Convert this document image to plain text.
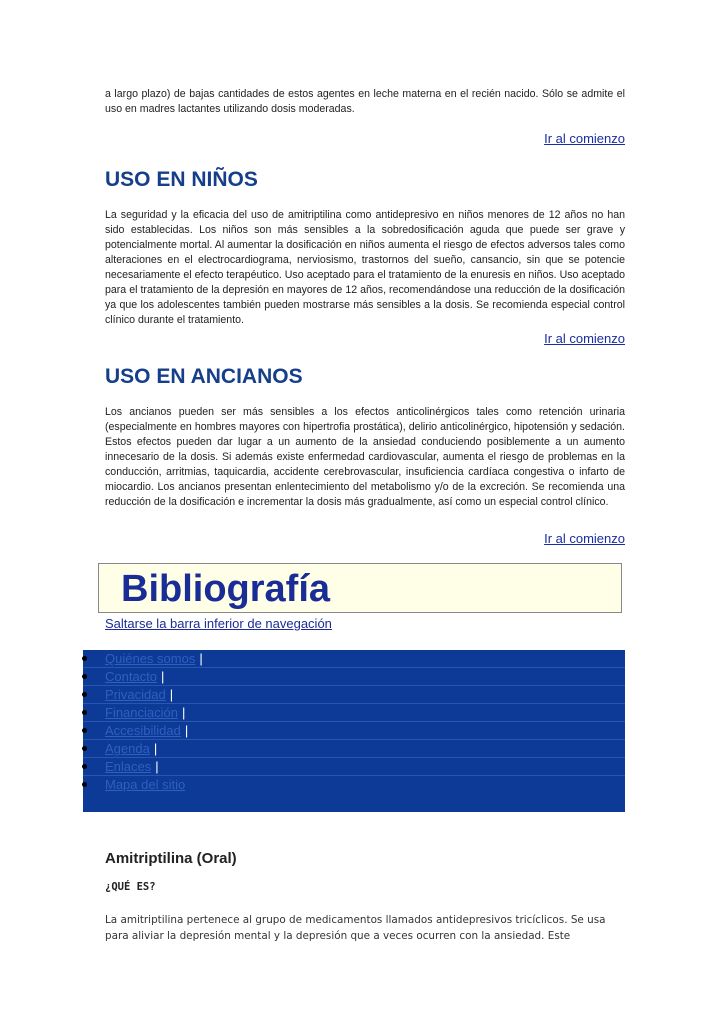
a largo plazo) de bajas cantidades de estos agentes en leche materna en el recién nacido. Sólo se admite el uso en madres lactantes utilizando dosis moderadas.

Ir al comienzo
USO EN NIÑOS

La seguridad y la eficacia del uso de amitriptilina como antidepresivo en niños menores de 12 años no han sido establecidas. Los niños son más sensibles a la sobredosificación aguda que puede ser grave y potencialmente mortal. Al aumentar la dosificación en niños aumenta el riesgo de efectos adversos tales como alteraciones en el electrocardiograma, nerviosismo, trastornos del sueño, cansancio, sin que se potencie necesariamente el efecto terapéutico. Uso aceptado para el tratamiento de la enuresis en niños. Uso aceptado para el tratamiento de la depresión en mayores de 12 años, recomendándose una reducción de la dosificación ya que los adolescentes también pueden mostrarse más sensibles a la dosis. Se recomienda especial control clínico durante el tratamiento.

Ir al comienzo
USO EN ANCIANOS

Los ancianos pueden ser más sensibles a los efectos anticolinérgicos tales como retención urinaria (especialmente en hombres mayores con hipertrofia prostática), delirio anticolinérgico, hipotensión y sedación. Estos efectos pueden dar lugar a un aumento de la ansiedad conduciendo posiblemente a un aumento innecesario de la dosis. Si además existe enfermedad cardiovascular, aumenta el riesgo de problemas en la conducción, arritmias, taquicardia, accidente cerebrovascular, insuficiencia cardíaca congestiva o infarto de miocardio. Los ancianos presentan enlentecimiento del metabolismo y/o de la excreción. Se recomienda una reducción de la dosificación e incrementar la dosis más gradualmente, así como un especial control clínico.

Ir al comienzo
Bibliografía
Saltarse la barra inferior de navegación
Quiénes somos |
Contacto |
Privacidad |
Financiación |
Accesibilidad |
Agenda |
Enlaces |
Mapa del sitio
Amitriptilina (Oral)
¿QUÉ ES?

La amitriptilina pertenece al grupo de medicamentos llamados antidepresivos tricíclicos. Se usa para aliviar la depresión mental y la depresión que a veces ocurren con la ansiedad. Este
